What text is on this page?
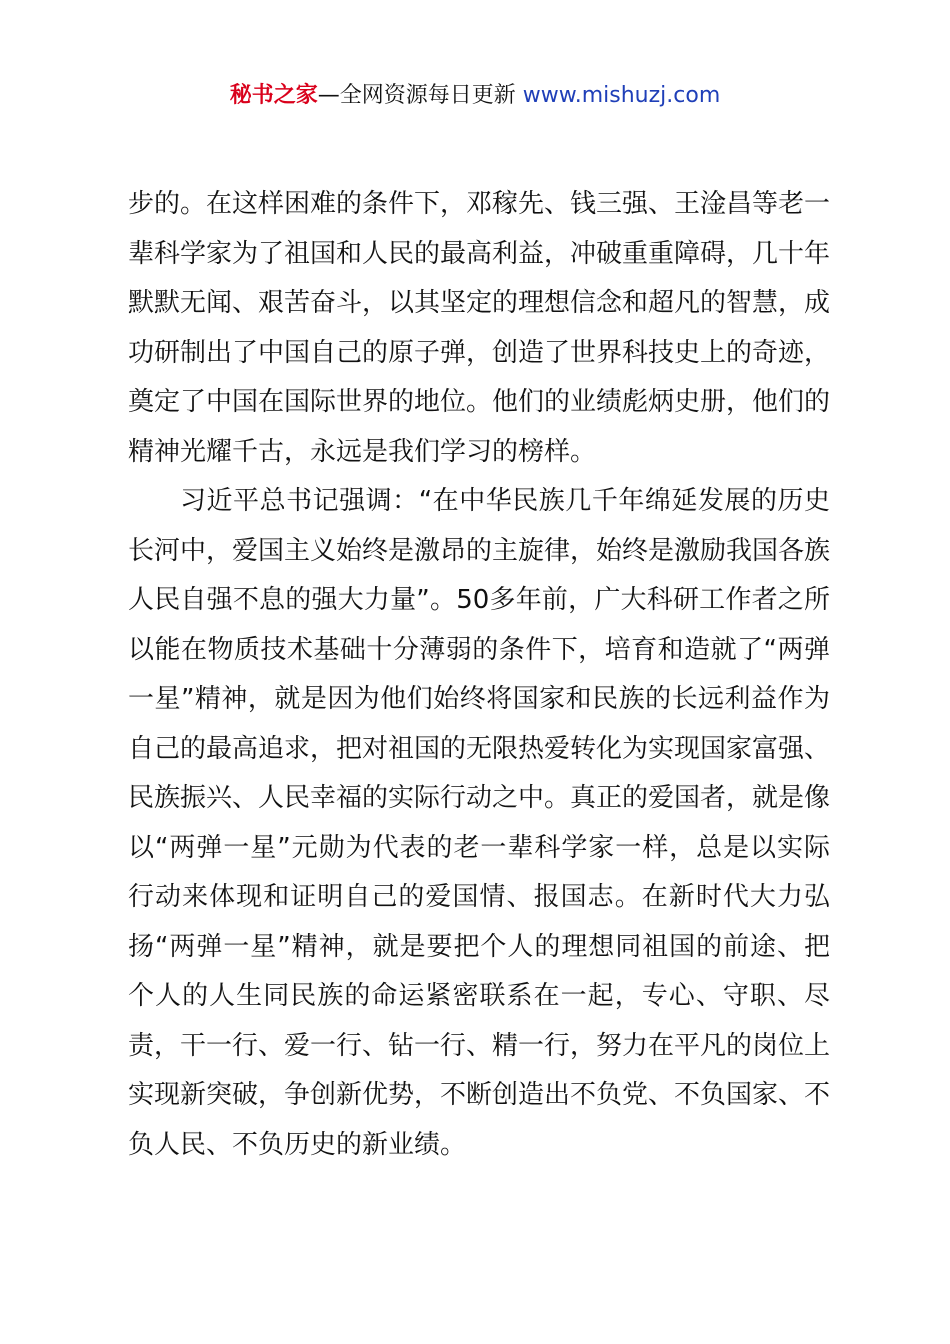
秘书之家—全网资源每日更新 www.mishuzj.com

步的。在这样困难的条件下，邓稼先、钱三强、王淦昌等老一辈科学家为了祖国和人民的最高利益，冲破重重障碍，几十年默默无闻、艰苦奋斗，以其坚定的理想信念和超凡的智慧，成功研制出了中国自己的原子弹，创造了世界科技史上的奇迹，奠定了中国在国际世界的地位。他们的业绩彪炳史册，他们的精神光耀千古，永远是我们学习的榜样。

习近平总书记强调：“在中华民族几千年绵延发展的历史长河中，爱国主义始终是激昂的主旋律，始终是激励我国各族人民自强不息的强大力量”。50多年前，广大科研工作者之所以能在物质技术基础十分薄弱的条件下，培育和造就了“两弹一星”精神，就是因为他们始终将国家和民族的长远利益作为自己的最高追求，把对祖国的无限热爱转化为实现国家富强、民族振兴、人民幸福的实际行动之中。真正的爱国者，就是像以“两弹一星”元勋为代表的老一辈科学家一样，总是以实际行动来体现和证明自己的爱国情、报国志。在新时代大力弘扬“两弹一星”精神，就是要把个人的理想同祖国的前途、把个人的人生同民族的命运紧密联系在一起，专心、守职、尽责，干一行、爱一行、钻一行、精一行，努力在平凡的岗位上实现新突破，争创新优势，不断创造出不负党、不负国家、不负人民、不负历史的新业绩。
